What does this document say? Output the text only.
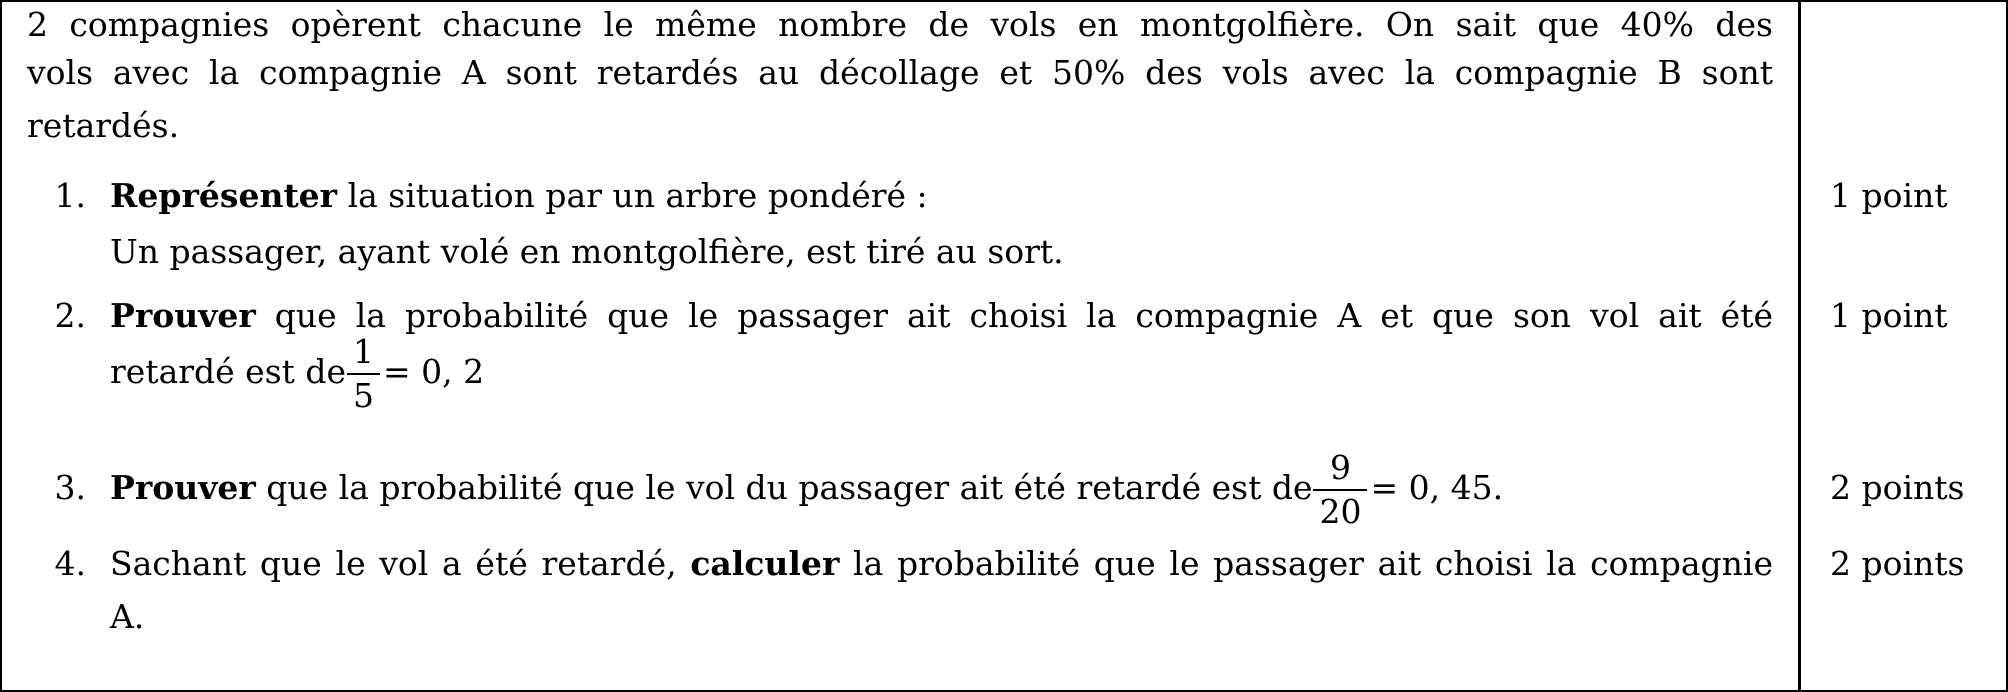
2 compagnies opèrent chacune le même nombre de vols en montgolfière. On sait que 40% des
vols avec la compagnie A sont retardés au décollage et 50% des vols avec la compagnie B sont
retardés.
1. Représenter la situation par un arbre pondéré :
Un passager, ayant volé en montgolfière, est tiré au sort.
1 point
2. Prouver que la probabilité que le passager ait choisi la compagnie A et que son vol ait été
retardé est de $\frac{1}{5} = 0$, 2
1 point
3. Prouver que la probabilité que le vol du passager ait été retardé est de $\frac{9}{20} = 0$, 45.	2 points
4. Sachant que le vol a été retardé, calculer la probabilité que le passager ait choisi la compagnie
A.
2 points
